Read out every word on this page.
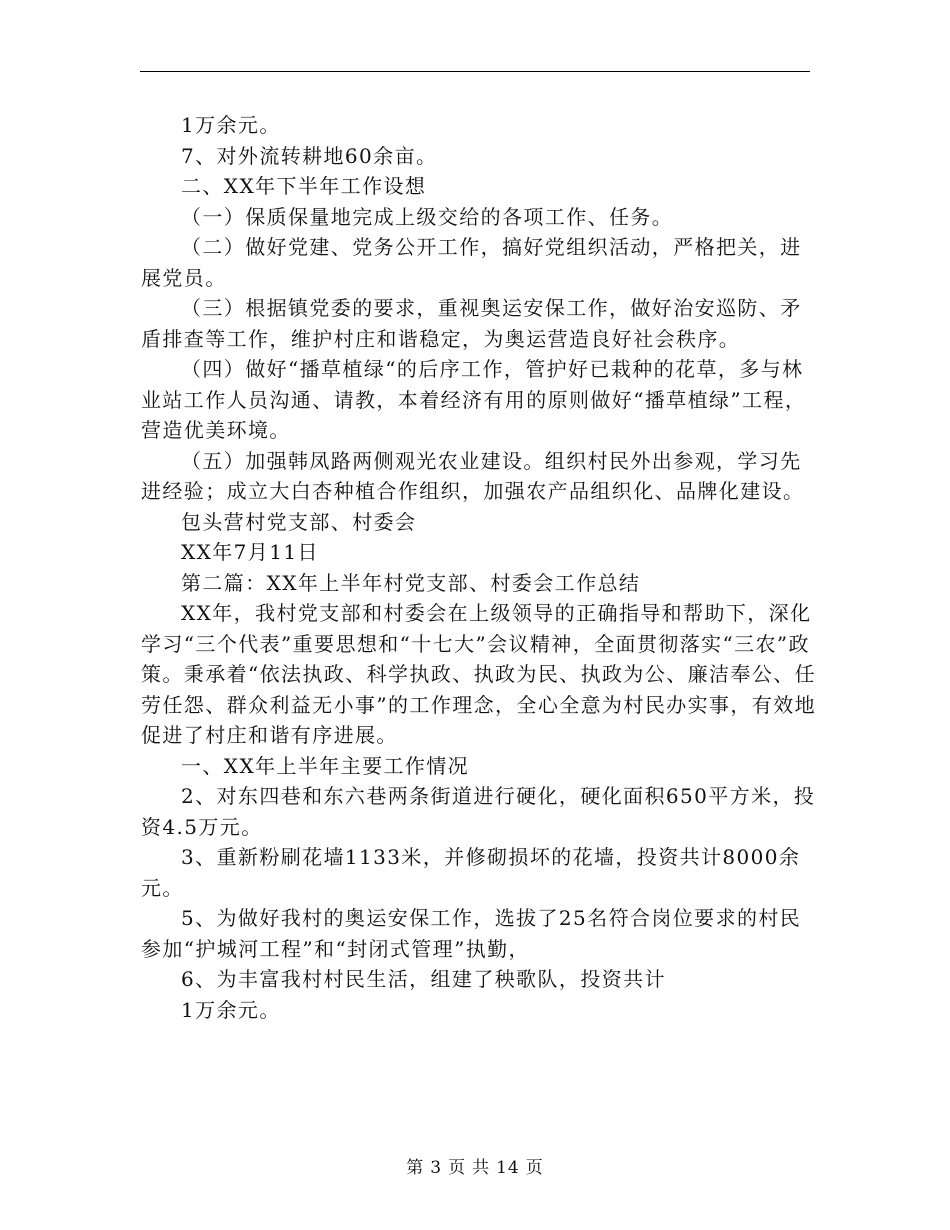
1万余元。

7、对外流转耕地60余亩。

二、XX年下半年工作设想

（一）保质保量地完成上级交给的各项工作、任务。

（二）做好党建、党务公开工作，搞好党组织活动，严格把关，进展党员。

（三）根据镇党委的要求，重视奥运安保工作，做好治安巡防、矛盾排查等工作，维护村庄和谐稳定，为奥运营造良好社会秩序。

（四）做好“播草植绿“的后序工作，管护好已栽种的花草，多与林业站工作人员沟通、请教，本着经济有用的原则做好“播草植绿”工程，营造优美环境。

（五）加强韩凤路两侧观光农业建设。组织村民外出参观，学习先进经验；成立大白杏种植合作组织，加强农产品组织化、品牌化建设。

包头营村党支部、村委会

XX年7月11日

第二篇：XX年上半年村党支部、村委会工作总结

XX年，我村党支部和村委会在上级领导的正确指导和帮助下，深化学习“三个代表”重要思想和“十七大”会议精神，全面贯彻落实“三农”政策。秉承着“依法执政、科学执政、执政为民、执政为公、廉洁奉公、任劳任怨、群众利益无小事”的工作理念，全心全意为村民办实事，有效地促进了村庄和谐有序进展。

一、XX年上半年主要工作情况

2、对东四巷和东六巷两条街道进行硬化，硬化面积650平方米，投资4.5万元。

3、重新粉刷花墙1133米，并修砌损坏的花墙，投资共计8000余元。

5、为做好我村的奥运安保工作，选拔了25名符合岗位要求的村民参加“护城河工程”和“封闭式管理”执勤，

6、为丰富我村村民生活，组建了秧歌队，投资共计

1万余元。

第 3 页 共 14 页
